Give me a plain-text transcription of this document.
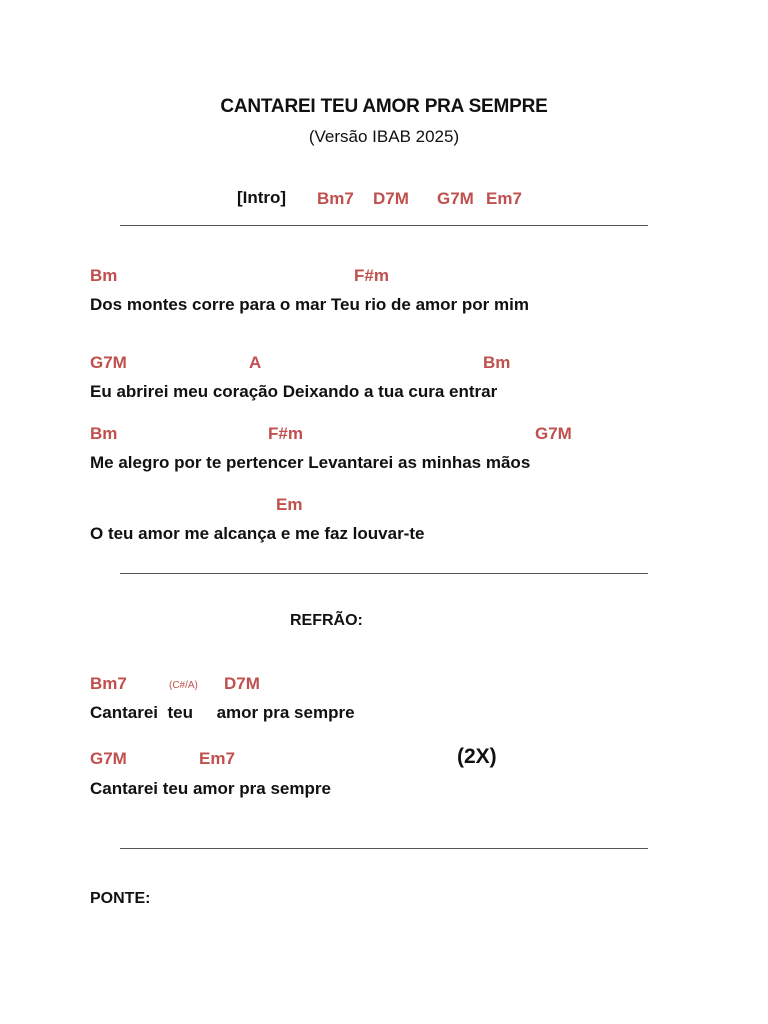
CANTAREI TEU AMOR PRA SEMPRE
(Versão IBAB 2025)
[Intro] Bm7 D7M G7M Em7
Bm	F#m
Dos montes corre para o mar Teu rio de amor por mim
G7M	A	Bm
Eu abrirei meu coração Deixando a tua cura entrar
Bm	F#m	G7M
Me alegro por te pertencer Levantarei as minhas mãos
Em
O teu amor me alcança e me faz louvar-te
REFRÃO:
Bm7	(C#/A) D7M
Cantarei  teu     amor pra sempre
G7M	Em7	(2X)
Cantarei teu amor pra sempre
PONTE:
